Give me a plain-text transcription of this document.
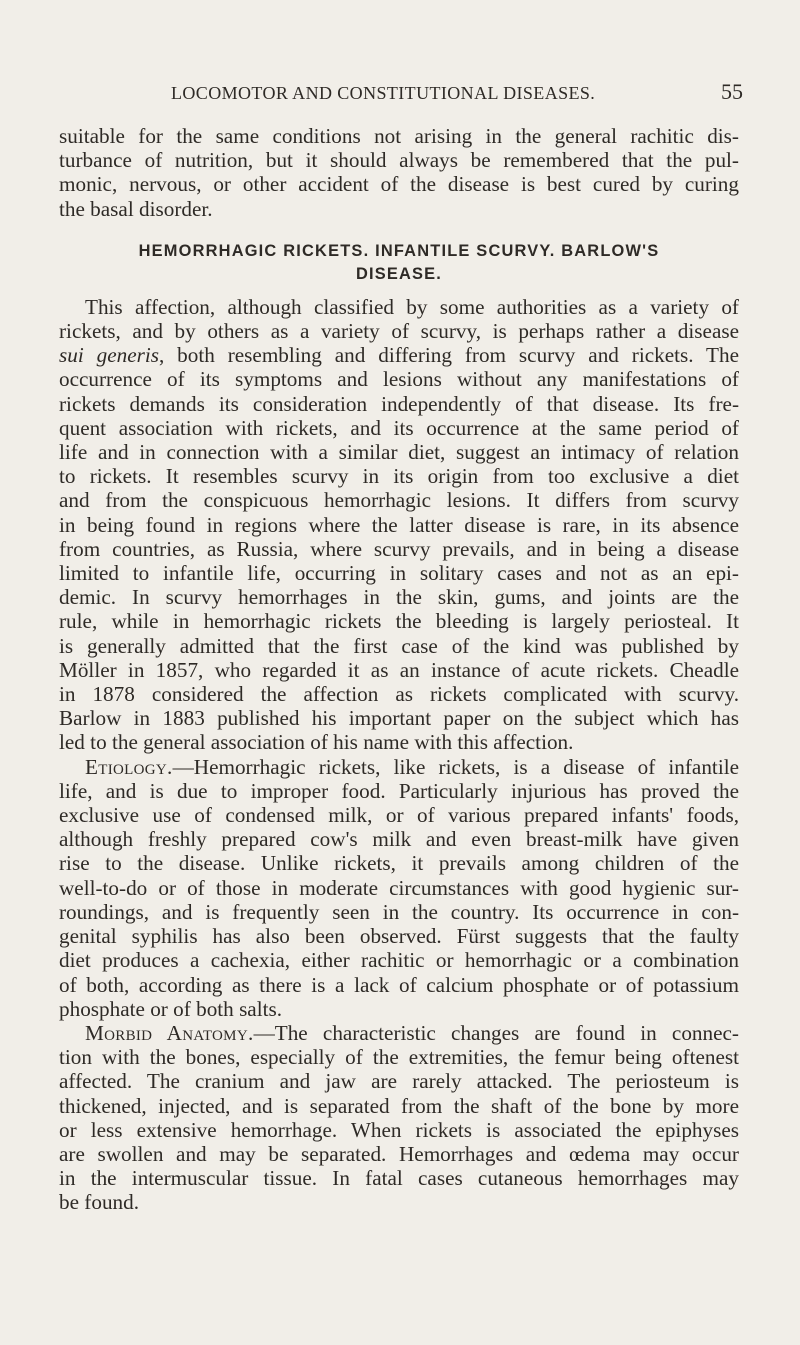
LOCOMOTOR AND CONSTITUTIONAL DISEASES.	55
suitable for the same conditions not arising in the general rachitic dis-
turbance of nutrition, but it should always be remembered that the pul-
monic, nervous, or other accident of the disease is best cured by curing
the basal disorder.
HEMORRHAGIC RICKETS. INFANTILE SCURVY. BARLOW'S
DISEASE.
This affection, although classified by some authorities as a variety of
rickets, and by others as a variety of scurvy, is perhaps rather a disease
sui generis, both resembling and differing from scurvy and rickets. The
occurrence of its symptoms and lesions without any manifestations of
rickets demands its consideration independently of that disease. Its fre-
quent association with rickets, and its occurrence at the same period of
life and in connection with a similar diet, suggest an intimacy of relation
to rickets. It resembles scurvy in its origin from too exclusive a diet
and from the conspicuous hemorrhagic lesions. It differs from scurvy
in being found in regions where the latter disease is rare, in its absence
from countries, as Russia, where scurvy prevails, and in being a disease
limited to infantile life, occurring in solitary cases and not as an epi-
demic. In scurvy hemorrhages in the skin, gums, and joints are the
rule, while in hemorrhagic rickets the bleeding is largely periosteal. It
is generally admitted that the first case of the kind was published by
Möller in 1857, who regarded it as an instance of acute rickets. Cheadle
in 1878 considered the affection as rickets complicated with scurvy.
Barlow in 1883 published his important paper on the subject which has
led to the general association of his name with this affection.
Etiology.—Hemorrhagic rickets, like rickets, is a disease of infantile
life, and is due to improper food. Particularly injurious has proved the
exclusive use of condensed milk, or of various prepared infants' foods,
although freshly prepared cow's milk and even breast-milk have given
rise to the disease. Unlike rickets, it prevails among children of the
well-to-do or of those in moderate circumstances with good hygienic sur-
roundings, and is frequently seen in the country. Its occurrence in con-
genital syphilis has also been observed. Fürst suggests that the faulty
diet produces a cachexia, either rachitic or hemorrhagic or a combination
of both, according as there is a lack of calcium phosphate or of potassium
phosphate or of both salts.
Morbid Anatomy.—The characteristic changes are found in connec-
tion with the bones, especially of the extremities, the femur being oftenest
affected. The cranium and jaw are rarely attacked. The periosteum is
thickened, injected, and is separated from the shaft of the bone by more
or less extensive hemorrhage. When rickets is associated the epiphyses
are swollen and may be separated. Hemorrhages and œdema may occur
in the intermuscular tissue. In fatal cases cutaneous hemorrhages may
be found.
